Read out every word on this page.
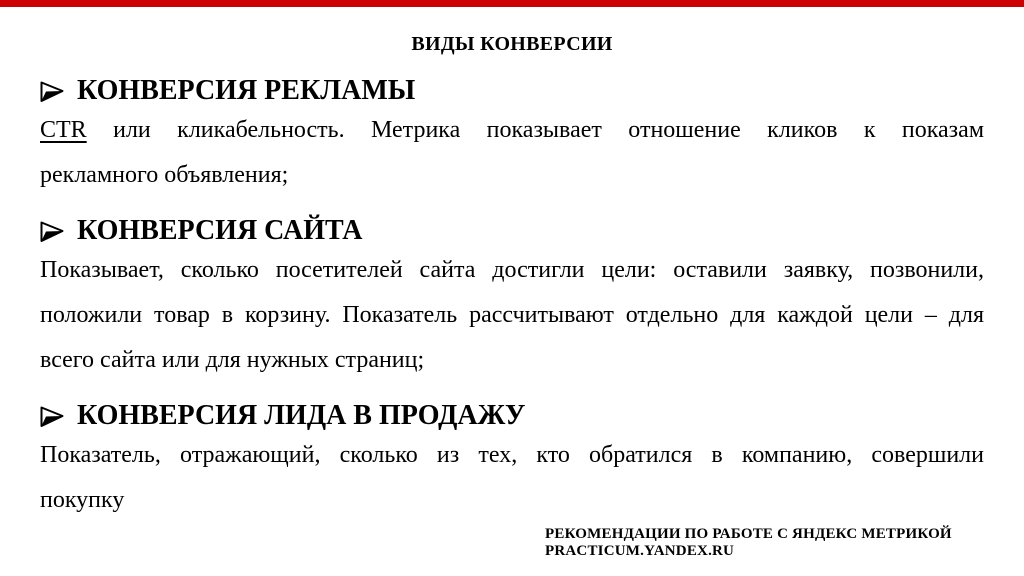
ВИДЫ КОНВЕРСИИ
КОНВЕРСИЯ РЕКЛАМЫ
CTR или кликабельность. Метрика показывает отношение кликов к показам
рекламного объявления;
КОНВЕРСИЯ САЙТА
Показывает, сколько посетителей сайта достигли цели: оставили заявку, позвонили,
положили товар в корзину. Показатель рассчитывают отдельно для каждой цели – для
всего сайта или для нужных страниц;
КОНВЕРСИЯ ЛИДА В ПРОДАЖУ
Показатель, отражающий, сколько из тех, кто обратился в компанию, совершили
покупку
РЕКОМЕНДАЦИИ ПО РАБОТЕ С ЯНДЕКС МЕТРИКОЙ
PRACTICUM.YANDEX.RU
